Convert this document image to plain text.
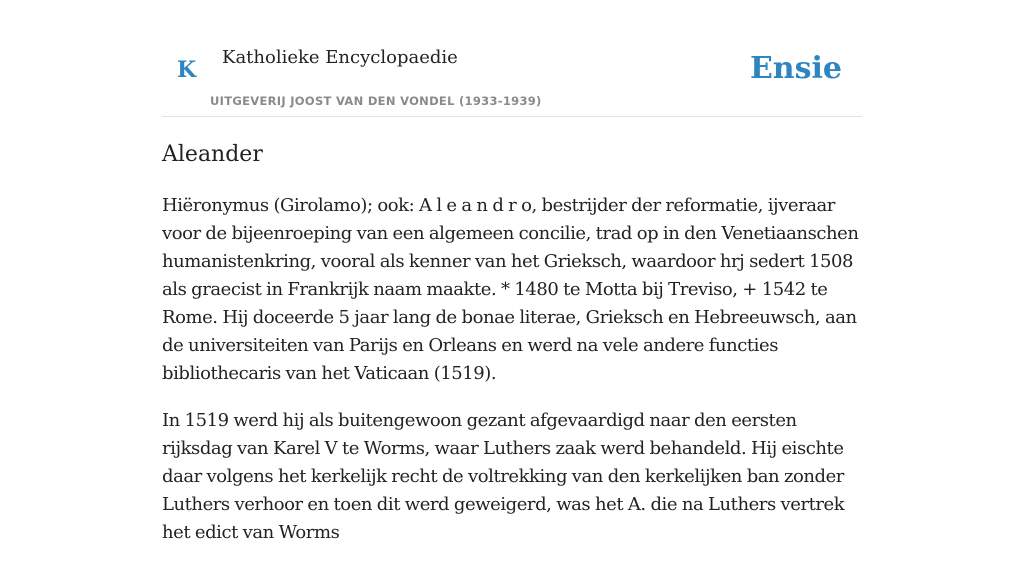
K Katholieke Encyclopaedie
UITGEVERIJ JOOST VAN DEN VONDEL (1933-1939)
Ensie
Aleander

Hiëronymus (Girolamo); ook: A l e a n d r o, bestrijder der reformatie, ijveraar voor de bijeenroeping van een algemeen concilie, trad op in den Venetiaanschen humanistenkring, vooral als kenner van het Grieksch, waardoor hrj sedert 1508 als graecist in Frankrijk naam maakte. * 1480 te Motta bij Treviso, + 1542 te Rome. Hij doceerde 5 jaar lang de bonae literae, Grieksch en Hebreeuwsch, aan de universiteiten van Parijs en Orleans en werd na vele andere functies bibliothecaris van het Vaticaan (1519).

In 1519 werd hij als buitengewoon gezant afgevaardigd naar den eersten rijksdag van Karel V te Worms, waar Luthers zaak werd behandeld. Hij eischte daar volgens het kerkelijk recht de voltrekking van den kerkelijken ban zonder Luthers verhoor en toen dit werd geweigerd, was het A. die na Luthers vertrek het edict van Worms
